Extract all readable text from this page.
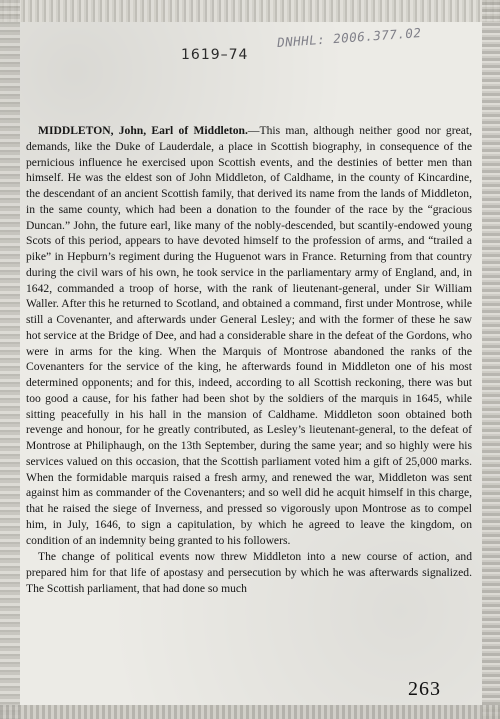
DNHHL: 2006.377.02
1619–74

MIDDLETON, John, Earl of Middleton.—This man, although neither good nor great, demands, like the Duke of Lauderdale, a place in Scottish biography, in consequence of the pernicious influence he exercised upon Scottish events, and the destinies of better men than himself. He was the eldest son of John Middleton, of Caldhame, in the county of Kincardine, the descendant of an ancient Scottish family, that derived its name from the lands of Middleton, in the same county, which had been a donation to the founder of the race by the “gracious Duncan.” John, the future earl, like many of the nobly-descended, but scantily-endowed young Scots of this period, appears to have devoted himself to the profession of arms, and “trailed a pike” in Hepburn’s regiment during the Huguenot wars in France. Returning from that country during the civil wars of his own, he took service in the parliamentary army of England, and, in 1642, commanded a troop of horse, with the rank of lieutenant-general, under Sir William Waller. After this he returned to Scotland, and obtained a command, first under Montrose, while still a Covenanter, and afterwards under General Lesley; and with the former of these he saw hot service at the Bridge of Dee, and had a considerable share in the defeat of the Gordons, who were in arms for the king. When the Marquis of Montrose abandoned the ranks of the Covenanters for the service of the king, he afterwards found in Middleton one of his most determined opponents; and for this, indeed, according to all Scottish reckoning, there was but too good a cause, for his father had been shot by the soldiers of the marquis in 1645, while sitting peacefully in his hall in the mansion of Caldhame. Middleton soon obtained both revenge and honour, for he greatly contributed, as Lesley’s lieutenant-general, to the defeat of Montrose at Philiphaugh, on the 13th September, during the same year; and so highly were his services valued on this occasion, that the Scottish parliament voted him a gift of 25,000 marks. When the formidable marquis raised a fresh army, and renewed the war, Middleton was sent against him as commander of the Covenanters; and so well did he acquit himself in this charge, that he raised the siege of Inverness, and pressed so vigorously upon Montrose as to compel him, in July, 1646, to sign a capitulation, by which he agreed to leave the kingdom, on condition of an indemnity being granted to his followers.

The change of political events now threw Middleton into a new course of action, and prepared him for that life of apostasy and persecution by which he was afterwards signalized. The Scottish parliament, that had done so much

263
